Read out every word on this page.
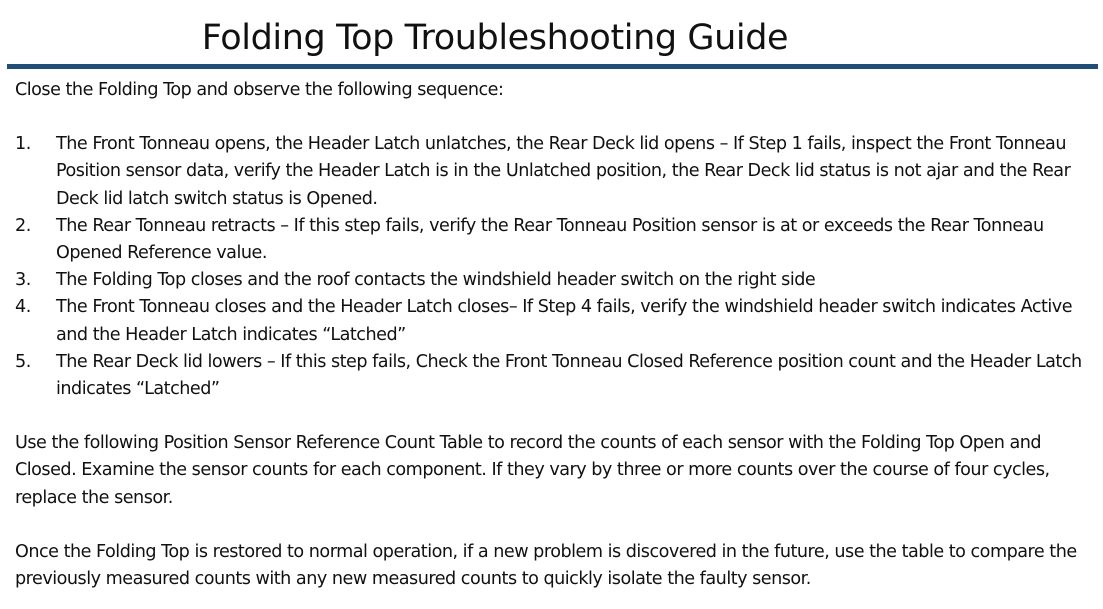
Folding Top Troubleshooting Guide

Close the Folding Top and observe the following sequence:

1. The Front Tonneau opens, the Header Latch unlatches, the Rear Deck lid opens – If Step 1 fails, inspect the Front Tonneau Position sensor data, verify the Header Latch is in the Unlatched position, the Rear Deck lid status is not ajar and the Rear Deck lid latch switch status is Opened.
2. The Rear Tonneau retracts – If this step fails, verify the Rear Tonneau Position sensor is at or exceeds the Rear Tonneau Opened Reference value.
3. The Folding Top closes and the roof contacts the windshield header switch on the right side
4. The Front Tonneau closes and the Header Latch closes– If Step 4 fails, verify the windshield header switch indicates Active and the Header Latch indicates “Latched”
5. The Rear Deck lid lowers – If this step fails, Check the Front Tonneau Closed Reference position count and the Header Latch indicates “Latched”

Use the following Position Sensor Reference Count Table to record the counts of each sensor with the Folding Top Open and Closed. Examine the sensor counts for each component. If they vary by three or more counts over the course of four cycles, replace the sensor.

Once the Folding Top is restored to normal operation, if a new problem is discovered in the future, use the table to compare the previously measured counts with any new measured counts to quickly isolate the faulty sensor.
